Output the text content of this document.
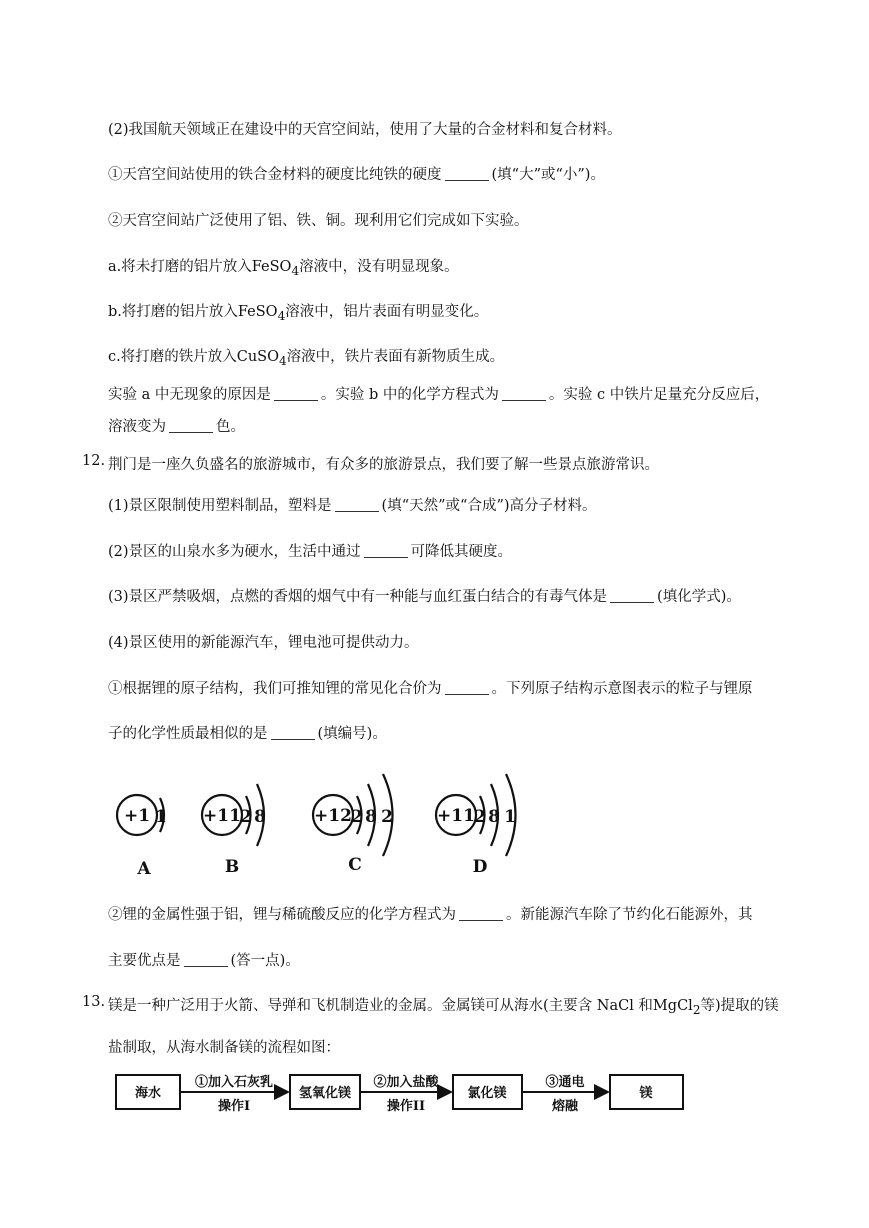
(2)我国航天领域正在建设中的天宫空间站，使用了大量的合金材料和复合材料。
①天宫空间站使用的铁合金材料的硬度比纯铁的硬度	(填“大”或“小”)。
②天宫空间站广泛使用了铝、铁、铜。现利用它们完成如下实验。
a.将未打磨的铝片放入FeSO$_4$溶液中，没有明显现象。
b.将打磨的铝片放入FeSO$_4$溶液中，铝片表面有明显变化。
c.将打磨的铁片放入CuSO$_4$溶液中，铁片表面有新物质生成。
实验 a 中无现象的原因是	。实验 b 中的化学方程式为	。实验 c 中铁片足量充分反应后，
溶液变为	色。
12. 荆门是一座久负盛名的旅游城市，有众多的旅游景点，我们要了解一些景点旅游常识。
(1)景区限制使用塑料制品，塑料是	(填“天然”或“合成”)高分子材料。
(2)景区的山泉水多为硬水，生活中通过	可降低其硬度。
(3)景区严禁吸烟，点燃的香烟的烟气中有一种能与血红蛋白结合的有毒气体是	(填化学式)。
(4)景区使用的新能源汽车，锂电池可提供动力。
①根据锂的原子结构，我们可推知锂的常见化合价为	。下列原子结构示意图表示的粒子与锂原
子的化学性质最相似的是	(填编号)。
+1 1 +11 2 8	+12 2 8 2	+11 2 8 1
A	B	C	D
②锂的金属性强于铝，锂与稀硫酸反应的化学方程式为	。新能源汽车除了节约化石能源外，其
主要优点是	(答一点)。
13. 镁是一种广泛用于火箭、导弹和飞机制造业的金属。金属镁可从海水(主要含 NaCl 和MgCl$_2$等)提取的镁
盐制取，从海水制备镁的流程如图：
海水	氢氧化镁	氯化镁	镁
①加入石灰乳	②加入盐酸	③通电
操作I	操作II	熔融
